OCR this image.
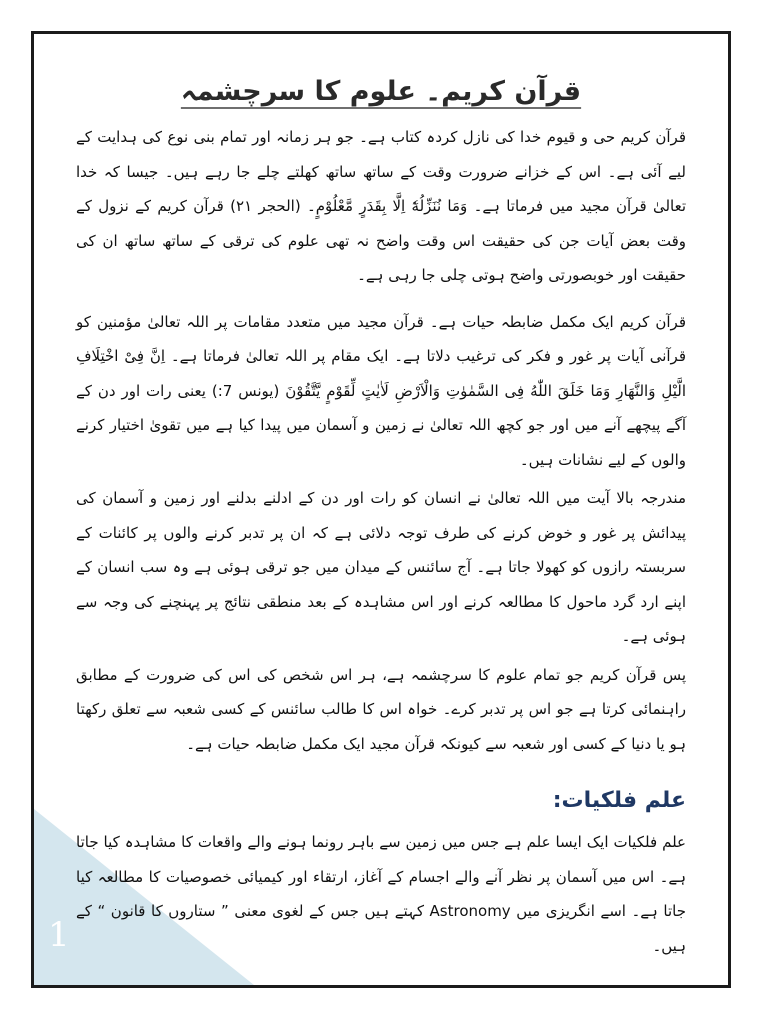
1
قرآن کریم۔ علوم کا سرچشمہ

قرآن کریم حی و قیوم خدا کی نازل کردہ کتاب ہے۔ جو ہر زمانہ اور تمام بنی نوع کی ہدایت کے لیے آئی ہے۔ اس کے خزانے ضرورت وقت کے ساتھ ساتھ کھلتے چلے جا رہے ہیں۔ جیسا کہ خدا تعالیٰ قرآن مجید میں فرماتا ہے۔ وَمَا نُنَزِّلُهٗٓ اِلَّا بِقَدَرٍ مَّعْلُوْمٍ۔ (الحجر ۲۱) قرآن کریم کے نزول کے وقت بعض آیات جن کی حقیقت اس وقت واضح نہ تھی علوم کی ترقی کے ساتھ ساتھ ان کی حقیقت اور خوبصورتی واضح ہوتی چلی جا رہی ہے۔

قرآن کریم ایک مکمل ضابطہ حیات ہے۔ قرآن مجید میں متعدد مقامات پر اللہ تعالیٰ مؤمنین کو قرآنی آیات پر غور و فکر کی ترغیب دلاتا ہے۔ ایک مقام پر اللہ تعالیٰ فرماتا ہے۔ اِنَّ فِیْ اخْتِلَافِ الَّیْلِ وَالنَّهَارِ وَمَا خَلَقَ اللّٰهُ فِی السَّمٰوٰتِ وَالْاَرْضِ لَاٰیٰتٍ لِّقَوْمٍ یَّتَّقُوْنَ (یونس 7:) یعنی رات اور دن کے آگے پیچھے آنے میں اور جو کچھ اللہ تعالیٰ نے زمین و آسمان میں پیدا کیا ہے میں تقویٰ اختیار کرنے والوں کے لیے نشانات ہیں۔

مندرجہ بالا آیت میں اللہ تعالیٰ نے انسان کو رات اور دن کے ادلنے بدلنے اور زمین و آسمان کی پیدائش پر غور و خوض کرنے کی طرف توجہ دلائی ہے کہ ان پر تدبر کرنے والوں پر کائنات کے سربستہ رازوں کو کھولا جاتا ہے۔ آج سائنس کے میدان میں جو ترقی ہوئی ہے وہ سب انسان کے اپنے ارد گرد ماحول کا مطالعہ کرنے اور اس مشاہدہ کے بعد منطقی نتائج پر پہنچنے کی وجہ سے ہوئی ہے۔

پس قرآن کریم جو تمام علوم کا سرچشمہ ہے، ہر اس شخص کی اس کی ضرورت کے مطابق راہنمائی کرتا ہے جو اس پر تدبر کرے۔ خواہ اس کا طالب سائنس کے کسی شعبہ سے تعلق رکھتا ہو یا دنیا کے کسی اور شعبہ سے کیونکہ قرآن مجید ایک مکمل ضابطہ حیات ہے۔

علم فلکیات:

علم فلکیات ایک ایسا علم ہے جس میں زمین سے باہر رونما ہونے والے واقعات کا مشاہدہ کیا جاتا ہے۔ اس میں آسمان پر نظر آنے والے اجسام کے آغاز، ارتقاء اور کیمیائی خصوصیات کا مطالعہ کیا جاتا ہے۔ اسے انگریزی میں Astronomy کہتے ہیں جس کے لغوی معنی ” ستاروں کا قانون “ کے ہیں۔
